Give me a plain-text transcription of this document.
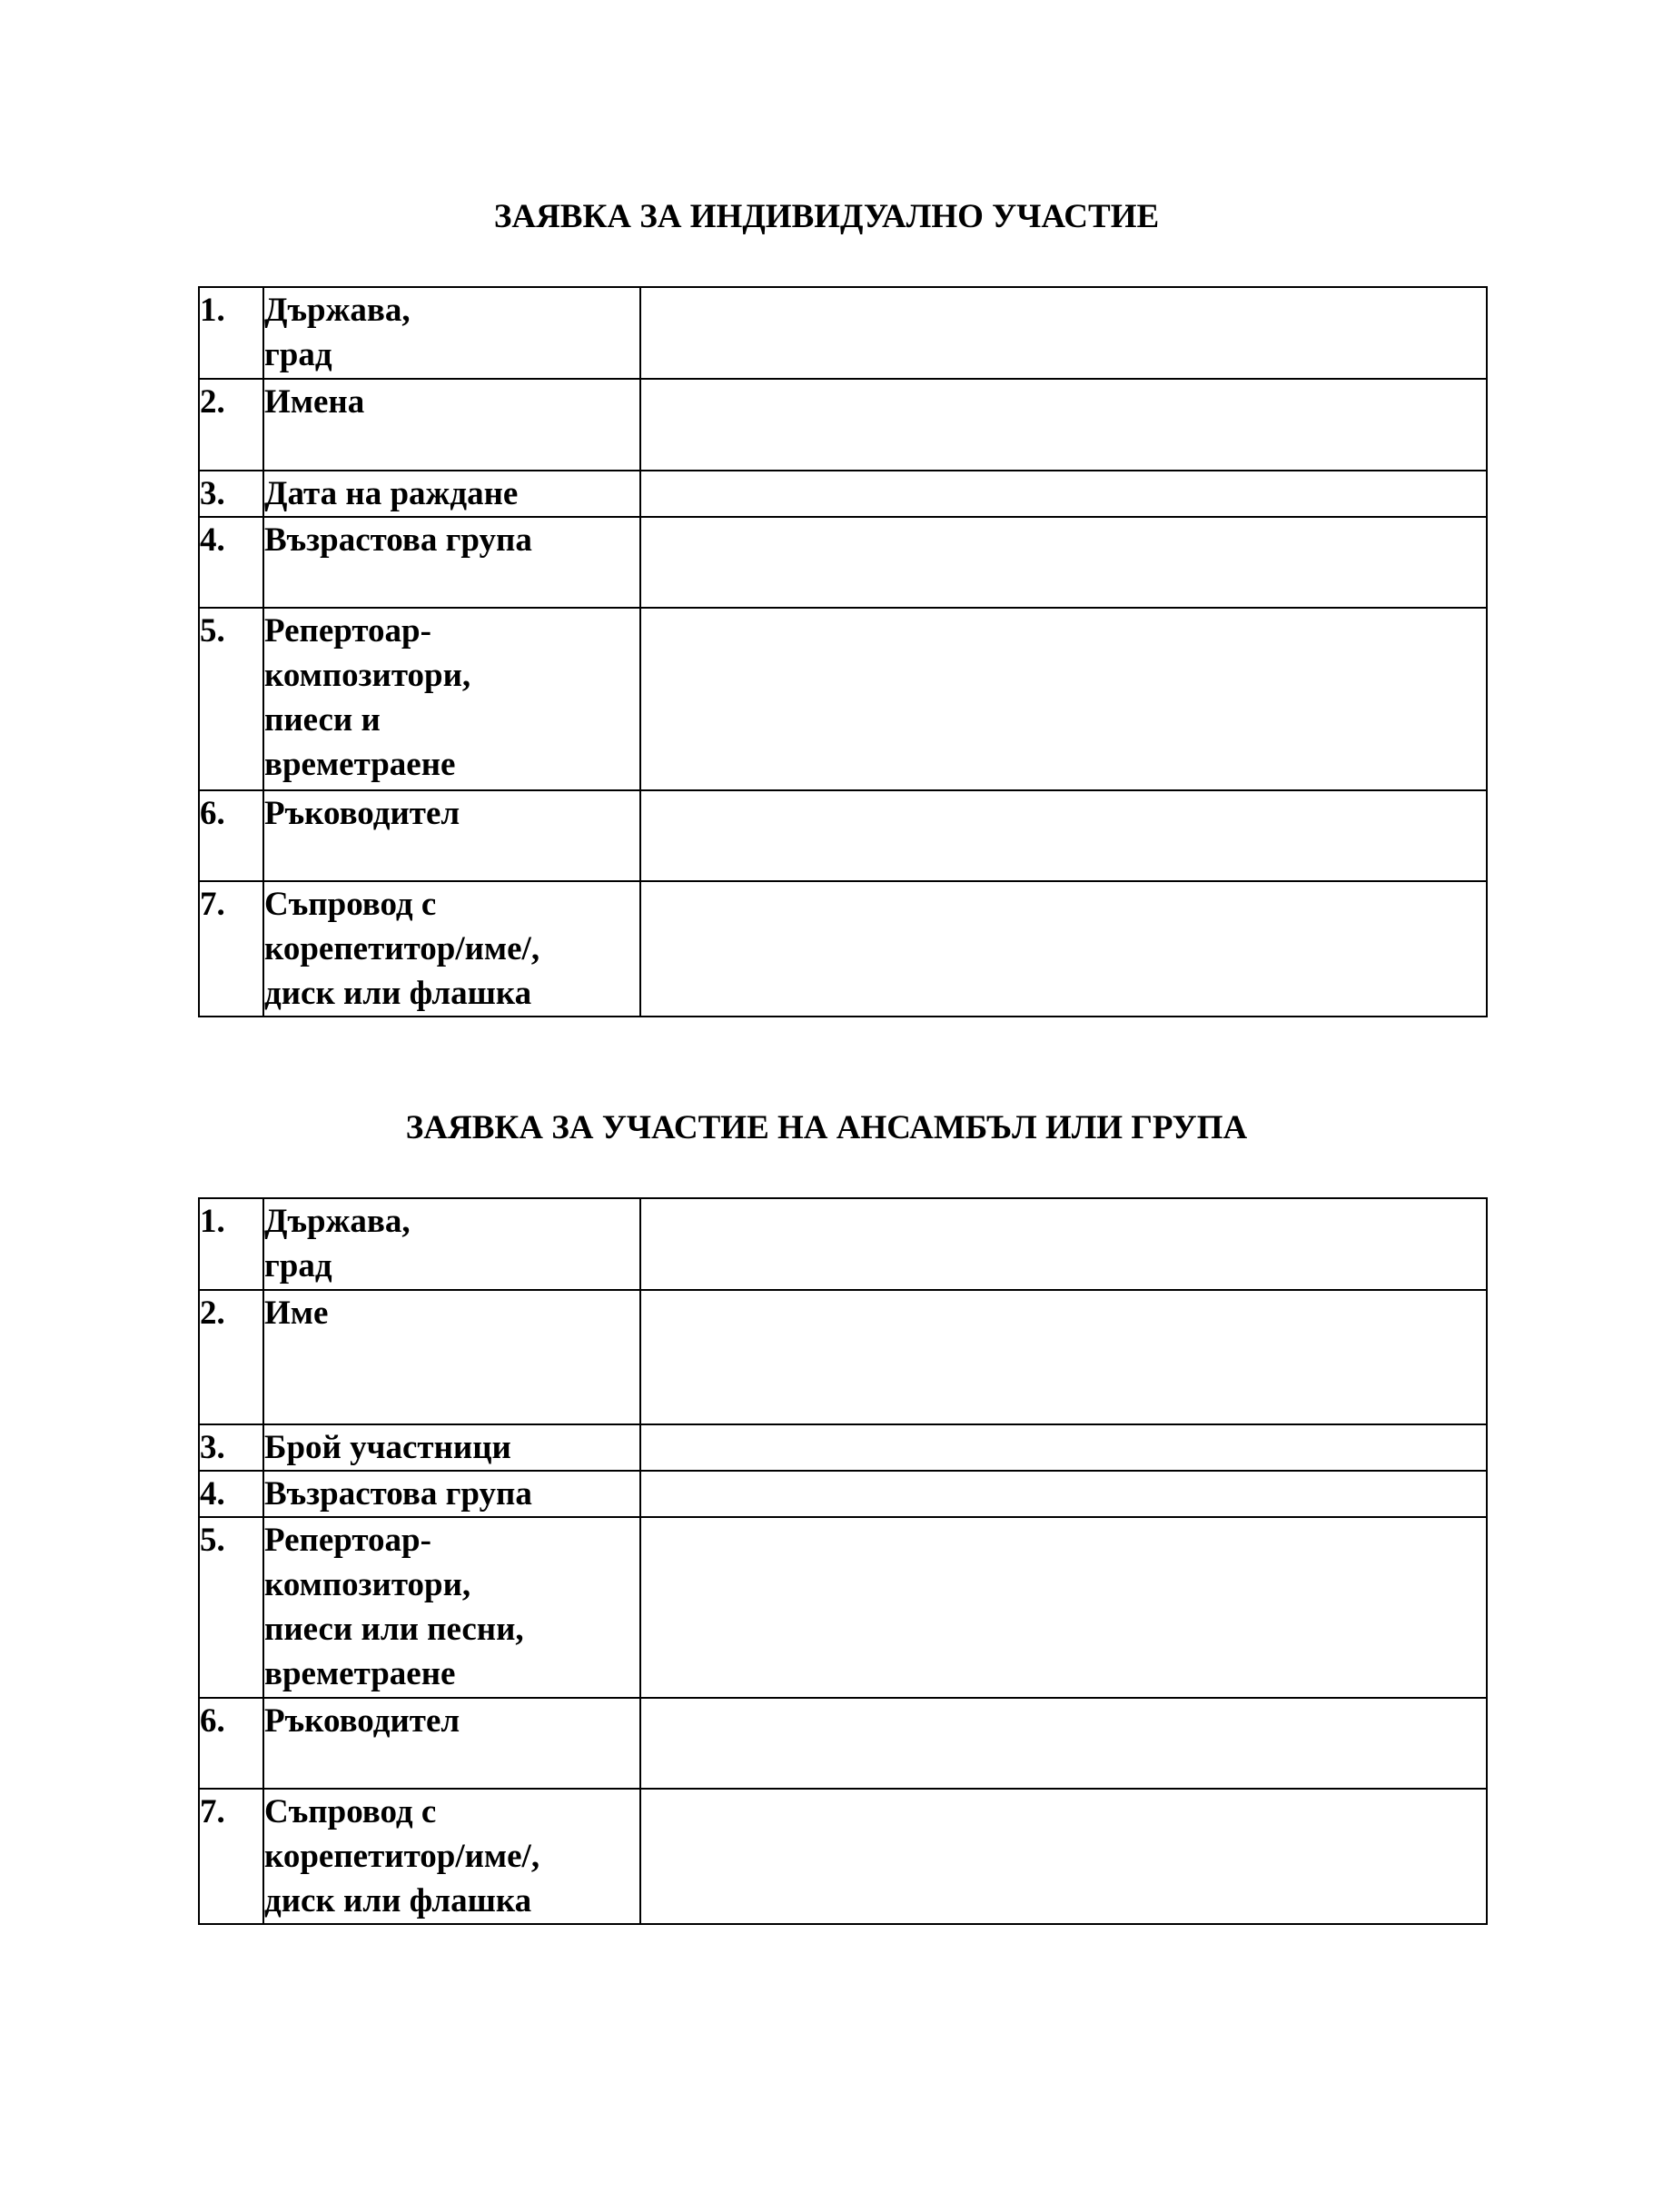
ЗАЯВКА ЗА ИНДИВИДУАЛНО УЧАСТИЕ
1.	Държава,
град	

2.	Имена	

3.	Дата на раждане	

4.	Възрастова група	

5.	Репертоар-
композитори,
пиеси и
времетраене	

6.	Ръководител	

7.	Съпровод с
корепетитор/име/,
диск или флашка	

ЗАЯВКА ЗА УЧАСТИЕ НА АНСАМБЪЛ ИЛИ ГРУПА
1.	Държава,
град	

2.	Име	

3.	Брой участници	

4.	Възрастова група	

5.	Репертоар-
композитори,
пиеси или песни,
времетраене	

6.	Ръководител	

7.	Съпровод с
корепетитор/име/,
диск или флашка	
